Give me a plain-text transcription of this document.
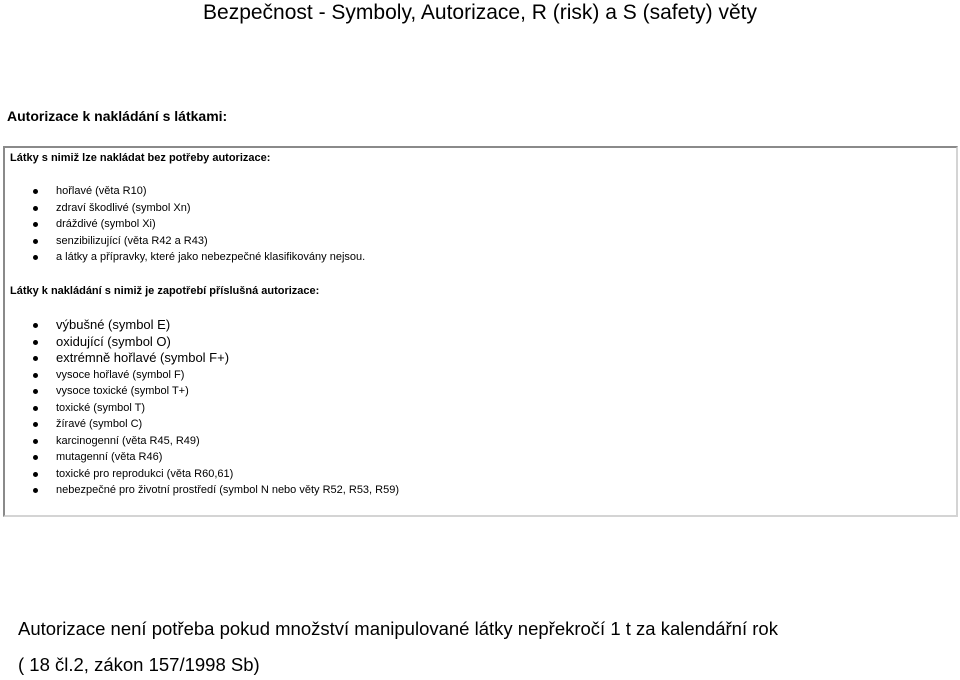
Bezpečnost - Symboly, Autorizace, R (risk) a S (safety) věty
Autorizace k nakládání s látkami:

Látky s nimiž lze nakládat bez potřeby autorizace:

hořlavé (věta R10)
zdraví škodlivé (symbol Xn)
dráždivé (symbol Xi)
senzibilizující (věta R42 a R43)
a látky a přípravky, které jako nebezpečné klasifikovány nejsou.

Látky k nakládání s nimiž je zapotřebí příslušná autorizace:

výbušné (symbol E)
oxidující (symbol O)
extrémně hořlavé (symbol F+)
vysoce hořlavé (symbol F)
vysoce toxické (symbol T+)
toxické (symbol T)
žíravé (symbol C)
karcinogenní (věta R45, R49)
mutagenní (věta R46)
toxické pro reprodukci (věta R60,61)
nebezpečné pro životní prostředí (symbol N nebo věty R52, R53, R59)

Autorizace není potřeba pokud množství manipulované látky nepřekročí 1 t za kalendářní rok

( 18 čl.2, zákon 157/1998 Sb)
